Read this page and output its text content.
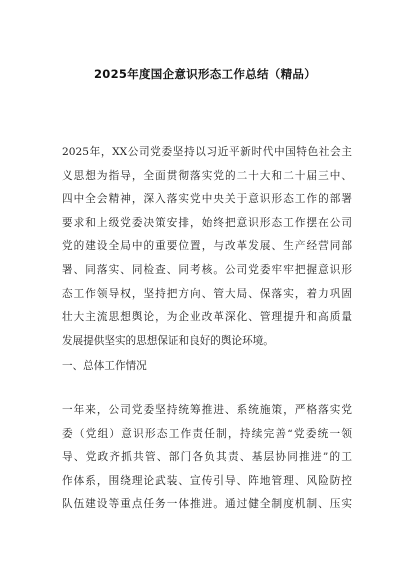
2025年度国企意识形态工作总结（精品）
2025年，XX公司党委坚持以习近平新时代中国特色社会主
义思想为指导，全面贯彻落实党的二十大和二十届三中、
四中全会精神，深入落实党中央关于意识形态工作的部署
要求和上级党委决策安排，始终把意识形态工作摆在公司
党的建设全局中的重要位置，与改革发展、生产经营同部
署、同落实、同检查、同考核。公司党委牢牢把握意识形
态工作领导权，坚持把方向、管大局、保落实，着力巩固
壮大主流思想舆论，为企业改革深化、管理提升和高质量
发展提供坚实的思想保证和良好的舆论环境。
一、总体工作情况
一年来，公司党委坚持统筹推进、系统施策，严格落实党
委（党组）意识形态工作责任制，持续完善“党委统一领
导、党政齐抓共管、部门各负其责、基层协同推进”的工
作体系，围绕理论武装、宣传引导、阵地管理、风险防控
队伍建设等重点任务一体推进。通过健全制度机制、压实
